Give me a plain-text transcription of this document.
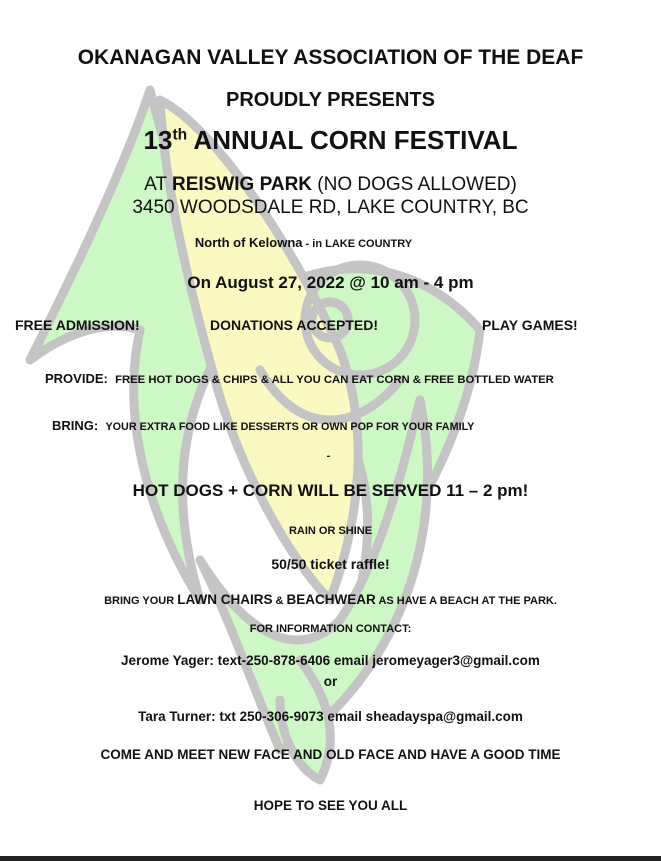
OKANAGAN VALLEY ASSOCIATION OF THE DEAF
PROUDLY PRESENTS
13th ANNUAL CORN FESTIVAL
AT REISWIG PARK (NO DOGS ALLOWED)
3450 WOODSDALE RD, LAKE COUNTRY, BC
North of Kelowna - in LAKE COUNTRY
On August 27, 2022 @ 10 am - 4 pm
FREE ADMISSION!	DONATIONS ACCEPTED!	PLAY GAMES!
PROVIDE: FREE HOT DOGS & CHIPS & ALL YOU CAN EAT CORN & FREE BOTTLED WATER
BRING: YOUR EXTRA FOOD LIKE DESSERTS OR OWN POP FOR YOUR FAMILY
-
HOT DOGS + CORN WILL BE SERVED 11 – 2 pm!
RAIN OR SHINE
50/50 ticket raffle!
BRING YOUR LAWN CHAIRS & BEACHWEAR AS HAVE A BEACH AT THE PARK.
FOR INFORMATION CONTACT:
Jerome Yager: text-250-878-6406 email jeromeyager3@gmail.com
or
Tara Turner: txt 250-306-9073 email sheadayspa@gmail.com
COME AND MEET NEW FACE AND OLD FACE AND HAVE A GOOD TIME
HOPE TO SEE YOU ALL
